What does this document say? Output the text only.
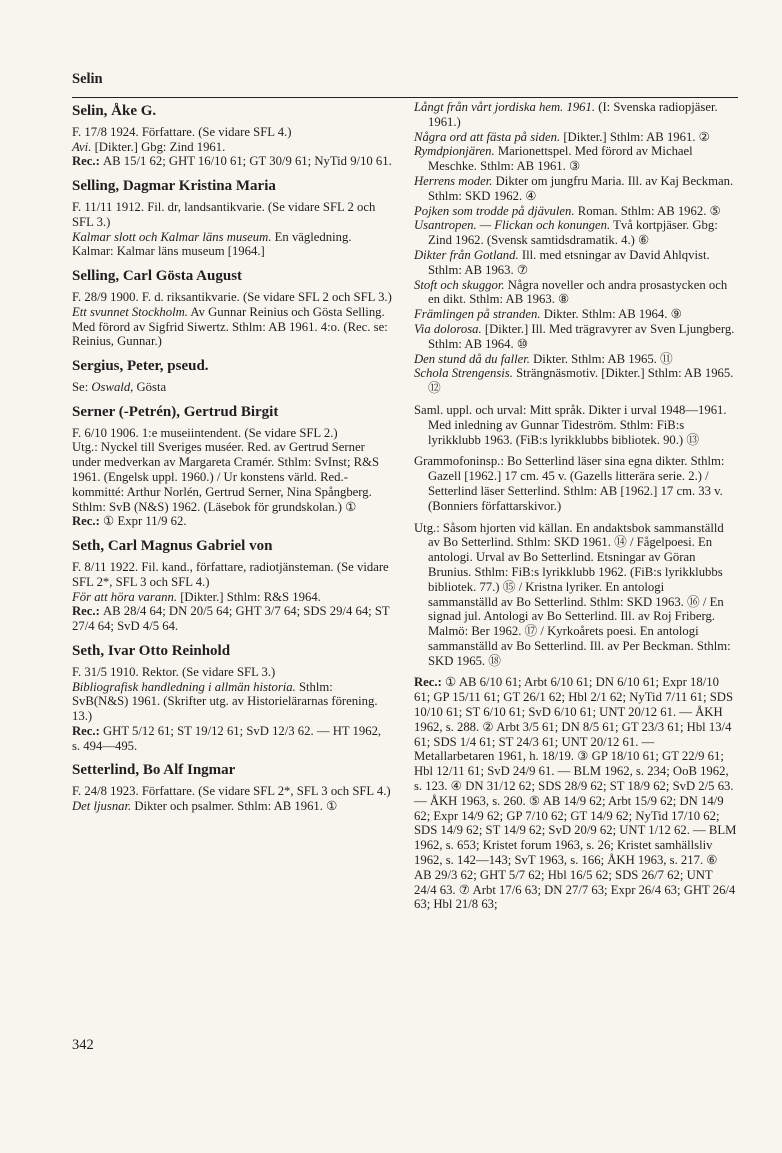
Selin
Selin, Åke G.
F. 17/8 1924. Författare. (Se vidare SFL 4.)
Avi. [Dikter.] Gbg: Zind 1961.
Rec.: AB 15/1 62; GHT 16/10 61; GT 30/9 61; NyTid 9/10 61.
Selling, Dagmar Kristina Maria
F. 11/11 1912. Fil. dr, landsantikvarie. (Se vidare SFL 2 och SFL 3.)
Kalmar slott och Kalmar läns museum. En vägledning. Kalmar: Kalmar läns museum [1964.]
Selling, Carl Gösta August
F. 28/9 1900. F. d. riksantikvarie. (Se vidare SFL 2 och SFL 3.)
Ett svunnet Stockholm. Av Gunnar Reinius och Gösta Selling. Med förord av Sigfrid Siwertz. Sthlm: AB 1961. 4:o. (Rec. se: Reinius, Gunnar.)
Sergius, Peter, pseud.
Se: Oswald, Gösta
Serner (-Petrén), Gertrud Birgit
F. 6/10 1906. 1:e museiintendent. (Se vidare SFL 2.)
Utg.: Nyckel till Sveriges muséer. Red. av Gertrud Serner under medverkan av Margareta Cramér. Sthlm: SvInst; R&S 1961. (Engelsk uppl. 1960.) / Ur konstens värld. Red.-kommitté: Arthur Norlén, Gertrud Serner, Nina Spångberg. Sthlm: SvB (N&S) 1962. (Läsebok för grundskolan.) ①
Rec.: ① Expr 11/9 62.
Seth, Carl Magnus Gabriel von
F. 8/11 1922. Fil. kand., författare, radiotjänsteman. (Se vidare SFL 2*, SFL 3 och SFL 4.)
För att höra varann. [Dikter.] Sthlm: R&S 1964.
Rec.: AB 28/4 64; DN 20/5 64; GHT 3/7 64; SDS 29/4 64; ST 27/4 64; SvD 4/5 64.
Seth, Ivar Otto Reinhold
F. 31/5 1910. Rektor. (Se vidare SFL 3.)
Bibliografisk handledning i allmän historia. Sthlm: SvB(N&S) 1961. (Skrifter utg. av Historielärarnas förening. 13.)
Rec.: GHT 5/12 61; ST 19/12 61; SvD 12/3 62. — HT 1962, s. 494—495.
Setterlind, Bo Alf Ingmar
F. 24/8 1923. Författare. (Se vidare SFL 2*, SFL 3 och SFL 4.)
Det ljusnar. Dikter och psalmer. Sthlm: AB 1961. ①
Långt från vårt jordiska hem. 1961. (I: Svenska radiopjäser. 1961.)
Några ord att fästa på siden. [Dikter.] Sthlm: AB 1961. ②
Rymdpionjären. Marionettspel. Med förord av Michael Meschke. Sthlm: AB 1961. ③
Herrens moder. Dikter om jungfru Maria. Ill. av Kaj Beckman. Sthlm: SKD 1962. ④
Pojken som trodde på djävulen. Roman. Sthlm: AB 1962. ⑤
Usantropen. — Flickan och konungen. Två kortpjäser. Gbg: Zind 1962. (Svensk samtidsdramatik. 4.) ⑥
Dikter från Gotland. Ill. med etsningar av David Ahlqvist. Sthlm: AB 1963. ⑦
Stoft och skuggor. Några noveller och andra prosastycken och en dikt. Sthlm: AB 1963. ⑧
Främlingen på stranden. Dikter. Sthlm: AB 1964. ⑨
Via dolorosa. [Dikter.] Ill. Med trägravyrer av Sven Ljungberg. Sthlm: AB 1964. ⑩
Den stund då du faller. Dikter. Sthlm: AB 1965. ⑪
Schola Strengensis. Strängnäsmotiv. [Dikter.] Sthlm: AB 1965. ⑫
Saml. uppl. och urval: Mitt språk. Dikter i urval 1948—1961. Med inledning av Gunnar Tideström. Sthlm: FiB:s lyrikklubb 1963. (FiB:s lyrikklubbs bibliotek. 90.) ⑬
Grammofoninsp.: Bo Setterlind läser sina egna dikter. Sthlm: Gazell [1962.] 17 cm. 45 v. (Gazells litterära serie. 2.) / Setterlind läser Setterlind. Sthlm: AB [1962.] 17 cm. 33 v. (Bonniers författarskivor.)
Utg.: Såsom hjorten vid källan. En andaktsbok sammanställd av Bo Setterlind. Sthlm: SKD 1961. ⑭ / Fågelpoesi. En antologi. Urval av Bo Setterlind. Etsningar av Göran Brunius. Sthlm: FiB:s lyrikklubb 1962. (FiB:s lyrikklubbs bibliotek. 77.) ⑮ / Kristna lyriker. En antologi sammanställd av Bo Setterlind. Sthlm: SKD 1963. ⑯ / En signad jul. Antologi av Bo Setterlind. Ill. av Roj Friberg. Malmö: Ber 1962. ⑰ / Kyrkoårets poesi. En antologi sammanställd av Bo Setterlind. Ill. av Per Beckman. Sthlm: SKD 1965. ⑱
Rec.: ① AB 6/10 61; Arbt 6/10 61; DN 6/10 61; Expr 18/10 61; GP 15/11 61; GT 26/1 62; Hbl 2/1 62; NyTid 7/11 61; SDS 10/10 61; ST 6/10 61; SvD 6/10 61; UNT 20/12 61. — ÅKH 1962, s. 288. ② Arbt 3/5 61; DN 8/5 61; GT 23/3 61; Hbl 13/4 61; SDS 1/4 61; ST 24/3 61; UNT 20/12 61. — Metallarbetaren 1961, h. 18/19. ③ GP 18/10 61; GT 22/9 61; Hbl 12/11 61; SvD 24/9 61. — BLM 1962, s. 234; OoB 1962, s. 123. ④ DN 31/12 62; SDS 28/9 62; ST 18/9 62; SvD 2/5 63. — ÅKH 1963, s. 260. ⑤ AB 14/9 62; Arbt 15/9 62; DN 14/9 62; Expr 14/9 62; GP 7/10 62; GT 14/9 62; NyTid 17/10 62; SDS 14/9 62; ST 14/9 62; SvD 20/9 62; UNT 1/12 62. — BLM 1962, s. 653; Kristet forum 1963, s. 26; Kristet samhällsliv 1962, s. 142—143; SvT 1963, s. 166; ÅKH 1963, s. 217. ⑥ AB 29/3 62; GHT 5/7 62; Hbl 16/5 62; SDS 26/7 62; UNT 24/4 63. ⑦ Arbt 17/6 63; DN 27/7 63; Expr 26/4 63; GHT 26/4 63; Hbl 21/8 63;
342
